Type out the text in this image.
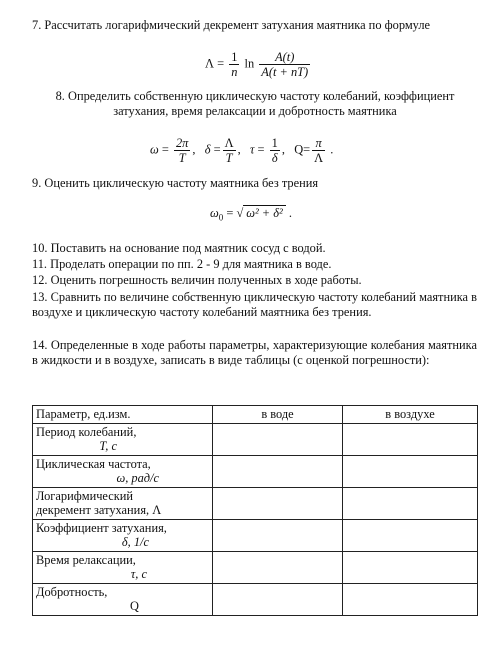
7. Рассчитать логарифмический декремент затухания маятника по формуле

$\Lambda = \frac{1}{n}$ $\ln \frac{A(t)}{A(t + nT)}$

8. Определить собственную циклическую частоту колебаний, коэффициент затухания, время релаксации и добротность маятника

$\omega = \frac{2\pi}{T}$ ,   $\delta = \frac{\Lambda}{T}$ ,   $\tau = \frac{1}{\delta}$ ,   $Q= \frac{\pi}{\Lambda}$ .

9. Оценить циклическую частоту маятника без трения

$\omega_0$ = √ ω² + δ² .

10. Поставить на основание под маятник сосуд с водой.

11. Проделать операции по пп. 2 - 9 для маятника в воде.

12. Оценить погрешность величин полученных в ходе работы.

13. Сравнить по величине собственную циклическую частоту колебаний маятника в воздухе и циклическую частоту колебаний маятника без трения.

14. Определенные в ходе работы параметры, характеризующие колебания маятника в жидкости и в воздухе, записать в виде таблицы (с оценкой погрешности):

Параметр, ед.изм.	в воде	в воздухе
Период колебаний,
T, с		

Циклическая частота,
ω, рад/с		

Логарифмический
декремент затухания, Λ		
Коэффициент затухания,
δ, 1/с		

Время релаксации,
τ, с		

Добротность,
Q		
